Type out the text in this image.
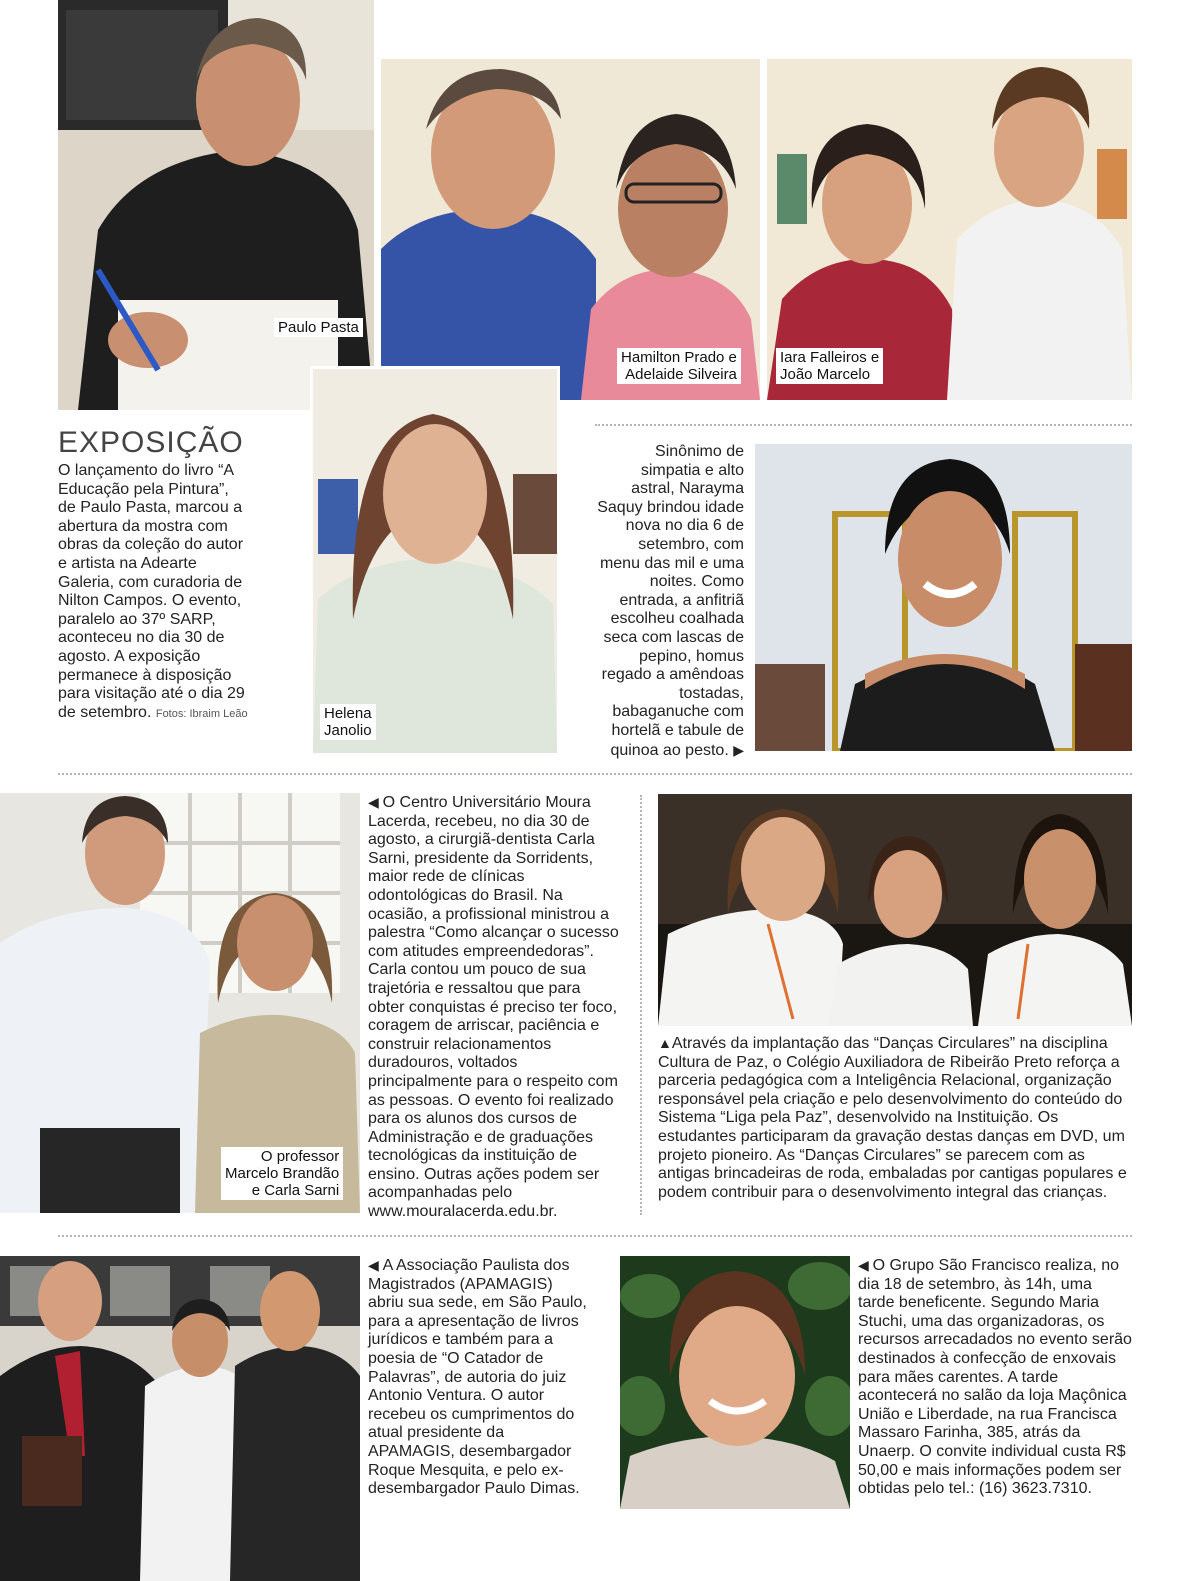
Paulo Pasta
Hamilton Prado e
Adelaide Silveira
Iara Falleiros e
João Marcelo
Helena
Janolio
EXPOSIÇÃO
O lançamento do livro “A Educação pela Pintura”, de Paulo Pasta, marcou a abertura da mostra com obras da coleção do autor e artista na Adearte Galeria, com curadoria de Nilton Campos. O evento, paralelo ao 37º SARP, aconteceu no dia 30 de agosto. A exposição permanece à disposição para visitação até o dia 29 de setembro. Fotos: Ibraim Leão
Sinônimo de simpatia e alto astral, Narayma Saquy brindou idade nova no dia 6 de setembro, com menu das mil e uma noites. Como entrada, a anfitriã escolheu coalhada seca com lascas de pepino, homus regado a amêndoas tostadas, babaganuche com hortelã e tabule de quinoa ao pesto. ▶
O professor
Marcelo Brandão
e Carla Sarni
◀ O Centro Universitário Moura Lacerda, recebeu, no dia 30 de agosto, a cirurgiã-dentista Carla Sarni, presidente da Sorridents, maior rede de clínicas odontológicas do Brasil. Na ocasião, a profissional ministrou a palestra “Como alcançar o sucesso com atitudes empreendedoras”. Carla contou um pouco de sua trajetória e ressaltou que para obter conquistas é preciso ter foco, coragem de arriscar, paciência e construir relacionamentos duradouros, voltados principalmente para o respeito com as pessoas. O evento foi realizado para os alunos dos cursos de Administração e de graduações tecnológicas da instituição de ensino. Outras ações podem ser acompanhadas pelo www.mouralacerda.edu.br.
▲Através da implantação das “Danças Circulares” na disciplina Cultura de Paz, o Colégio Auxiliadora de Ribeirão Preto reforça a parceria pedagógica com a Inteligência Relacional, organização responsável pela criação e pelo desenvolvimento do conteúdo do Sistema “Liga pela Paz”, desenvolvido na Instituição. Os estudantes participaram da gravação destas danças em DVD, um projeto pioneiro. As “Danças Circulares” se parecem com as antigas brincadeiras de roda, embaladas por cantigas populares e podem contribuir para o desenvolvimento integral das crianças.
◀ A Associação Paulista dos Magistrados (APAMAGIS) abriu sua sede, em São Paulo, para a apresentação de livros jurídicos e também para a poesia de “O Catador de Palavras”, de autoria do juiz Antonio Ventura. O autor recebeu os cumprimentos do atual presidente da APAMAGIS, desembargador Roque Mesquita, e pelo ex- desembargador Paulo Dimas.
◀ O Grupo São Francisco realiza, no dia 18 de setembro, às 14h, uma tarde beneficente. Segundo Maria Stuchi, uma das organizadoras, os recursos arrecadados no evento serão destinados à confecção de enxovais para mães carentes. A tarde acontecerá no salão da loja Maçônica União e Liberdade, na rua Francisca Massaro Farinha, 385, atrás da Unaerp. O convite individual custa R$ 50,00 e mais informações podem ser obtidas pelo tel.: (16) 3623.7310.
